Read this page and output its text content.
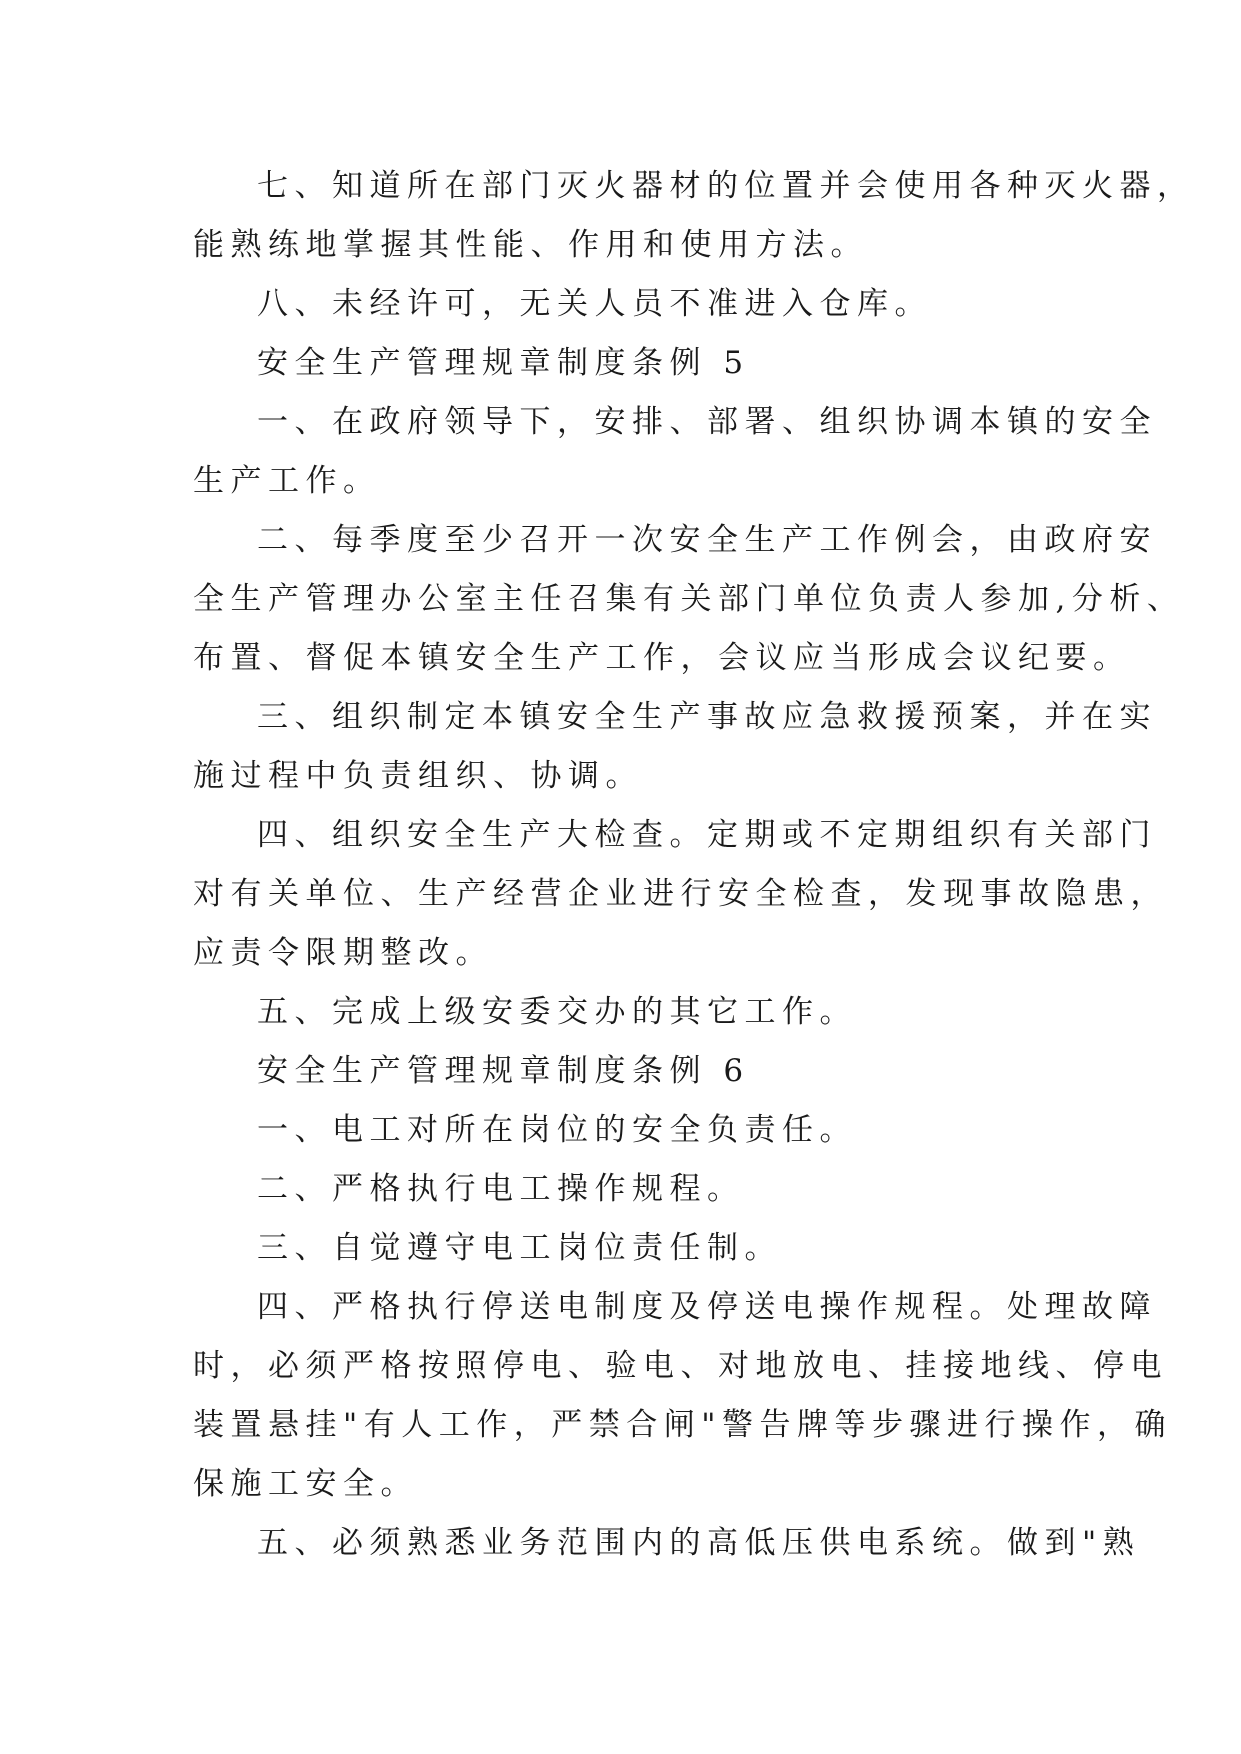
七、知道所在部门灭火器材的位置并会使用各种灭火器，
能熟练地掌握其性能、作用和使用方法。
八、未经许可，无关人员不准进入仓库。
安全生产管理规章制度条例 5
一、在政府领导下，安排、部署、组织协调本镇的安全
生产工作。
二、每季度至少召开一次安全生产工作例会，由政府安
全生产管理办公室主任召集有关部门单位负责人参加,分析、
布置、督促本镇安全生产工作，会议应当形成会议纪要。
三、组织制定本镇安全生产事故应急救援预案，并在实
施过程中负责组织、协调。
四、组织安全生产大检查。定期或不定期组织有关部门
对有关单位、生产经营企业进行安全检查，发现事故隐患，
应责令限期整改。
五、完成上级安委交办的其它工作。
安全生产管理规章制度条例 6
一、电工对所在岗位的安全负责任。
二、严格执行电工操作规程。
三、自觉遵守电工岗位责任制。
四、严格执行停送电制度及停送电操作规程。处理故障
时，必须严格按照停电、验电、对地放电、挂接地线、停电
装置悬挂"有人工作，严禁合闸"警告牌等步骤进行操作，确
保施工安全。
五、必须熟悉业务范围内的高低压供电系统。做到"熟
